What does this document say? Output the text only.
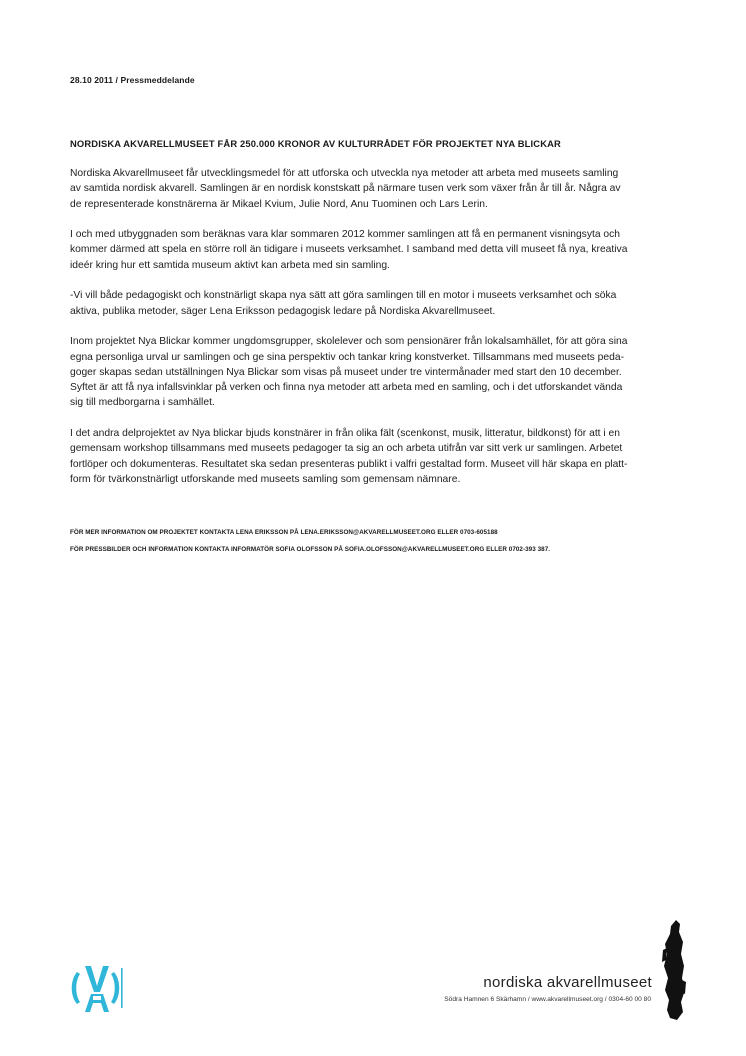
28.10 2011 / Pressmeddelande
NORDISKA AKVARELLMUSEET FÅR 250.000 KRONOR AV KULTURRÅDET FÖR PROJEKTET NYA BLICKAR

Nordiska Akvarellmuseet får utvecklingsmedel för att utforska och utveckla nya metoder att arbeta med museets samling
av samtida nordisk akvarell. Samlingen är en nordisk konstskatt på närmare tusen verk som växer från år till år. Några av
de representerade konstnärerna är Mikael Kvium, Julie Nord, Anu Tuominen och Lars Lerin.

I och med utbyggnaden som beräknas vara klar sommaren 2012 kommer samlingen att få en permanent visningsyta och
kommer därmed att spela en större roll än tidigare i museets verksamhet. I samband med detta vill museet få nya, kreativa
ideér kring hur ett samtida museum aktivt kan arbeta med sin samling.

-Vi vill både pedagogiskt och konstnärligt skapa nya sätt att göra samlingen till en motor i museets verksamhet och söka
aktiva, publika metoder, säger Lena Eriksson pedagogisk ledare på Nordiska Akvarellmuseet.

Inom projektet Nya Blickar kommer ungdomsgrupper, skolelever och som pensionärer från lokalsamhället, för att göra sina
egna personliga urval ur samlingen och ge sina perspektiv och tankar kring konstverket. Tillsammans med museets peda-
goger skapas sedan utställningen Nya Blickar som visas på museet under tre vintermånader med start den 10 december.
Syftet är att få nya infallsvinklar på verken och finna nya metoder att arbeta med en samling, och i det utforskandet vända
sig till medborgarna i samhället.

I det andra delprojektet av Nya blickar bjuds konstnärer in från olika fält (scenkonst, musik, litteratur, bildkonst) för att i en
gemensam workshop tillsammans med museets pedagoger ta sig an och arbeta utifrån var sitt verk ur samlingen. Arbetet
fortlöper och dokumenteras. Resultatet ska sedan presenteras publikt i valfri gestaltad form. Museet vill här skapa en platt-
form för tvärkonstnärligt utforskande med museets samling som gemensam nämnare.

FÖR MER INFORMATION OM PROJEKTET KONTAKTA LENA ERIKSSON PÅ LENA.ERIKSSON@AKVARELLMUSEET.ORG ELLER 0703-605188
FÖR PRESSBILDER OCH INFORMATION KONTAKTA INFORMATÖR SOFIA OLOFSSON PÅ SOFIA.OLOFSSON@AKVARELLMUSEET.ORG ELLER 0702-393 387.
nordiska akvarellmuseet
Södra Hamnen 6 Skärhamn / www.akvarellmuseet.org / 0304-60 00 80
